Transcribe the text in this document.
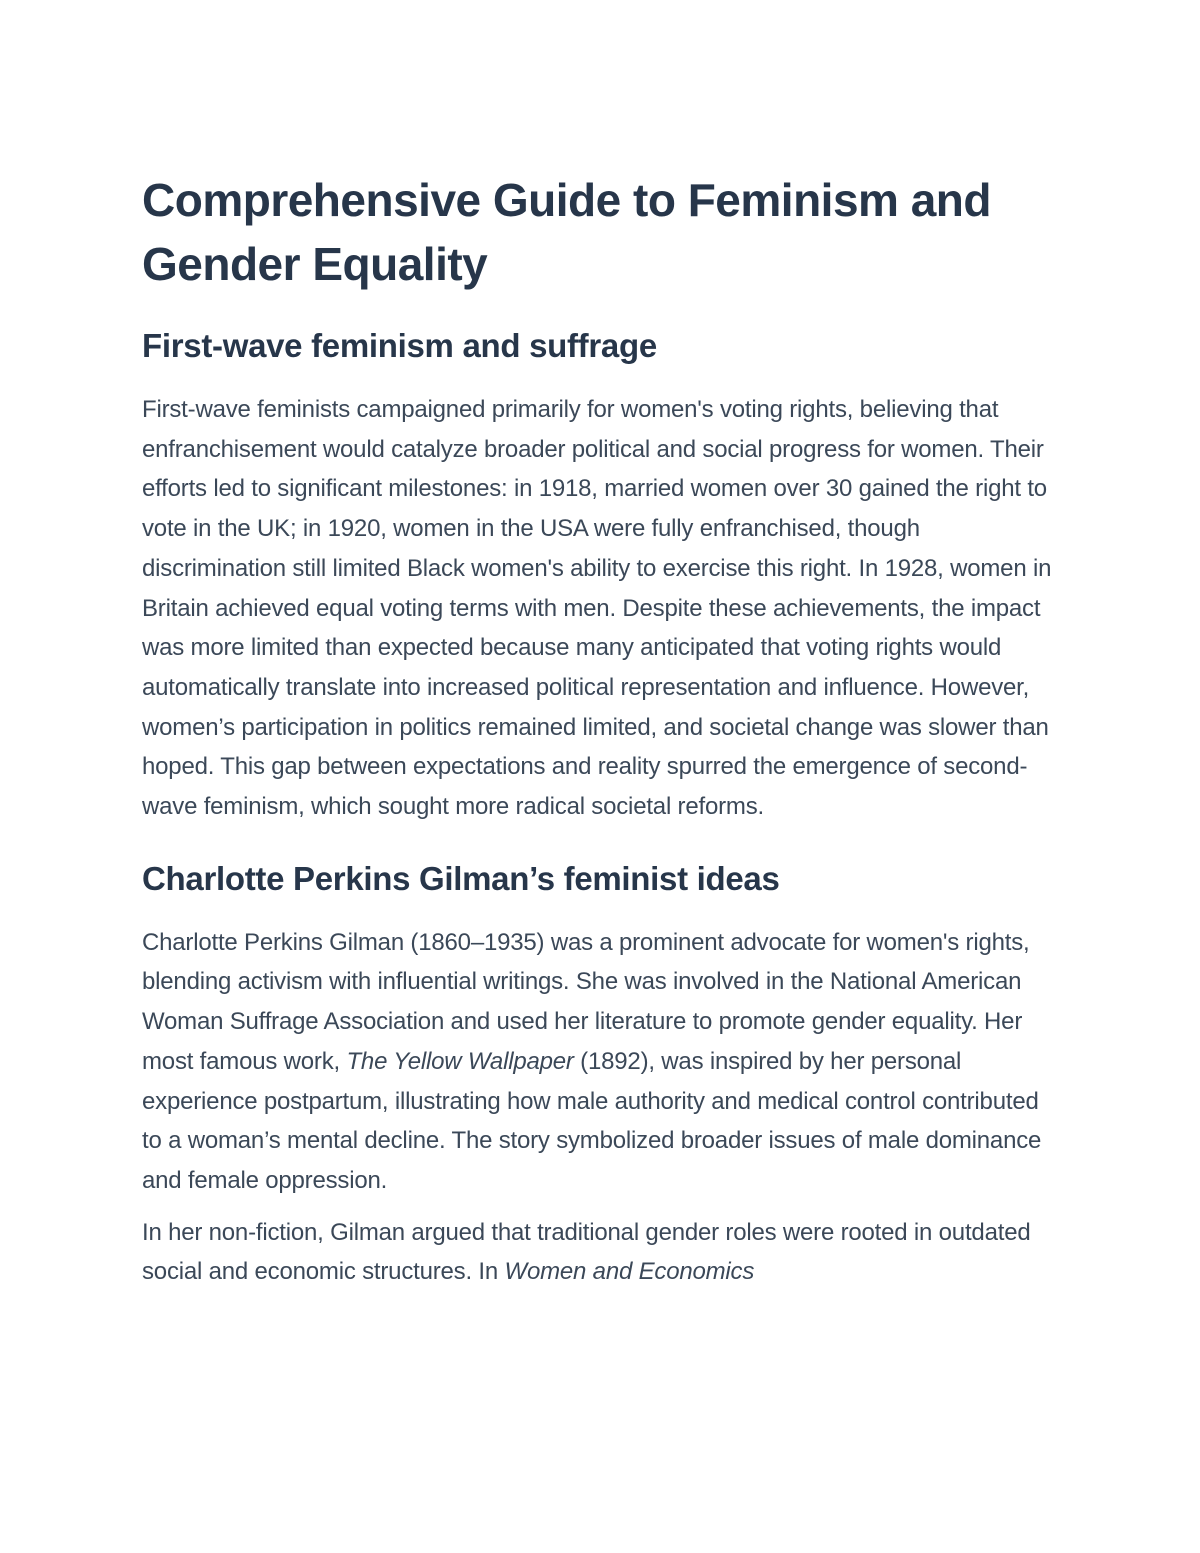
Comprehensive Guide to Feminism and Gender Equality
First-wave feminism and suffrage

First-wave feminists campaigned primarily for women's voting rights, believing that enfranchisement would catalyze broader political and social progress for women. Their efforts led to significant milestones: in 1918, married women over 30 gained the right to vote in the UK; in 1920, women in the USA were fully enfranchised, though discrimination still limited Black women's ability to exercise this right. In 1928, women in Britain achieved equal voting terms with men. Despite these achievements, the impact was more limited than expected because many anticipated that voting rights would automatically translate into increased political representation and influence. However, women’s participation in politics remained limited, and societal change was slower than hoped. This gap between expectations and reality spurred the emergence of second-wave feminism, which sought more radical societal reforms.

Charlotte Perkins Gilman’s feminist ideas

Charlotte Perkins Gilman (1860–1935) was a prominent advocate for women's rights, blending activism with influential writings. She was involved in the National American Woman Suffrage Association and used her literature to promote gender equality. Her most famous work, The Yellow Wallpaper (1892), was inspired by her personal experience postpartum, illustrating how male authority and medical control contributed to a woman’s mental decline. The story symbolized broader issues of male dominance and female oppression.

In her non-fiction, Gilman argued that traditional gender roles were rooted in outdated social and economic structures. In Women and Economics
